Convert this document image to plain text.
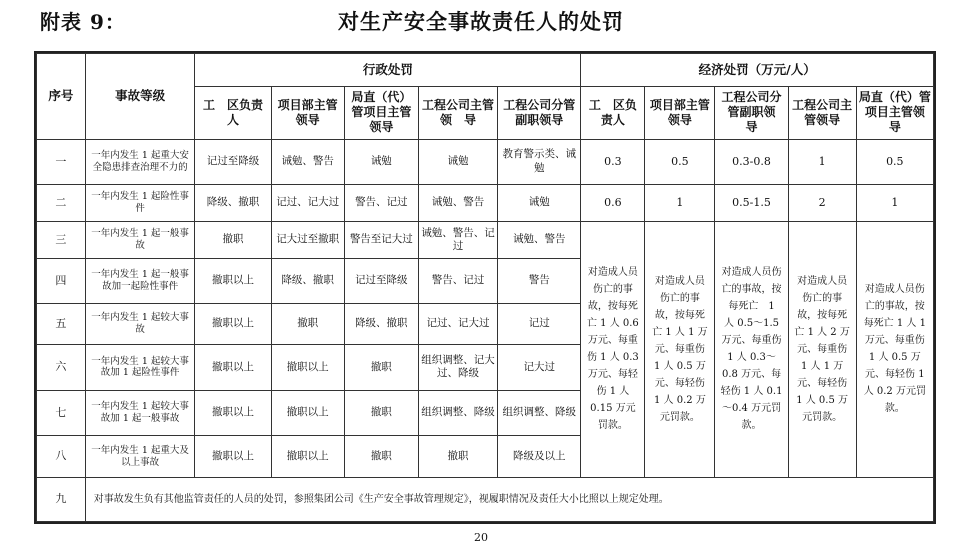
附表 9：	对生产安全事故责任人的处罚
序号	事故等级	行政处罚					经济处罚（万元/人）				
		工　区负责人	项目部主管领导	局直（代）管项目主管领导	工程公司主管　领　导	工程公司分管副职领导	工　区负责人	项目部主管领导	工程公司分管副职领　导	工程公司主管领导	局直（代）管项目主管领　导
一	一年内发生 1 起重大安全隐患排查治理不力的	记过至降级	诫勉、警告	诫勉	诫勉	教育警示类、诫勉	0.3	0.5	0.3-0.8	1	0.5
二	一年内发生 1 起险性事件	降级、撤职	记过、记大过	警告、记过	诫勉、警告	诫勉	0.6	1	0.5-1.5	2	1
三	一年内发生 1 起一般事故	撤职	记大过至撤职	警告至记大过	诫勉、警告、记过	诫勉、警告	对造成人员伤亡的事故，按每死亡 1 人 0.6 万元、每重伤 1 人 0.3 万元、每轻伤 1 人 0.15 万元罚款。	对造成人员伤亡的事故，按每死亡 1 人 1 万元、每重伤 1 人 0.5 万元、每轻伤 1 人 0.2 万元罚款。	对造成人员伤亡的事故，按每死亡　1　人 0.5～1.5 万元、每重伤 1 人 0.3～0.8 万元、每轻伤 1 人 0.1～0.4 万元罚款。	对造成人员伤亡的事故，按每死亡 1 人 2 万元、每重伤 1 人 1 万元、每轻伤 1 人 0.5 万元罚款。	对造成人员伤亡的事故，按每死亡 1 人 1 万元、每重伤 1 人 0.5 万元、每轻伤 1 人 0.2 万元罚款。
四	一年内发生 1 起一般事故加一起险性事件	撤职以上	降级、撤职	记过至降级	警告、记过	警告					
五	一年内发生 1 起较大事故	撤职以上	撤职	降级、撤职	记过、记大过	记过					
六	一年内发生 1 起较大事故加 1 起险性事件	撤职以上	撤职以上	撤职	组织调整、记大过、降级	记大过					
七	一年内发生 1 起较大事故加 1 起一般事故	撤职以上	撤职以上	撤职	组织调整、降级	组织调整、降级					
八	一年内发生 1 起重大及以上事故	撤职以上	撤职以上	撤职	撤职	降级及以上					
九	对事故发生负有其他监管责任的人员的处罚，参照集团公司《生产安全事故管理规定》，视履职情况及责任大小比照以上规定处理。										
20
